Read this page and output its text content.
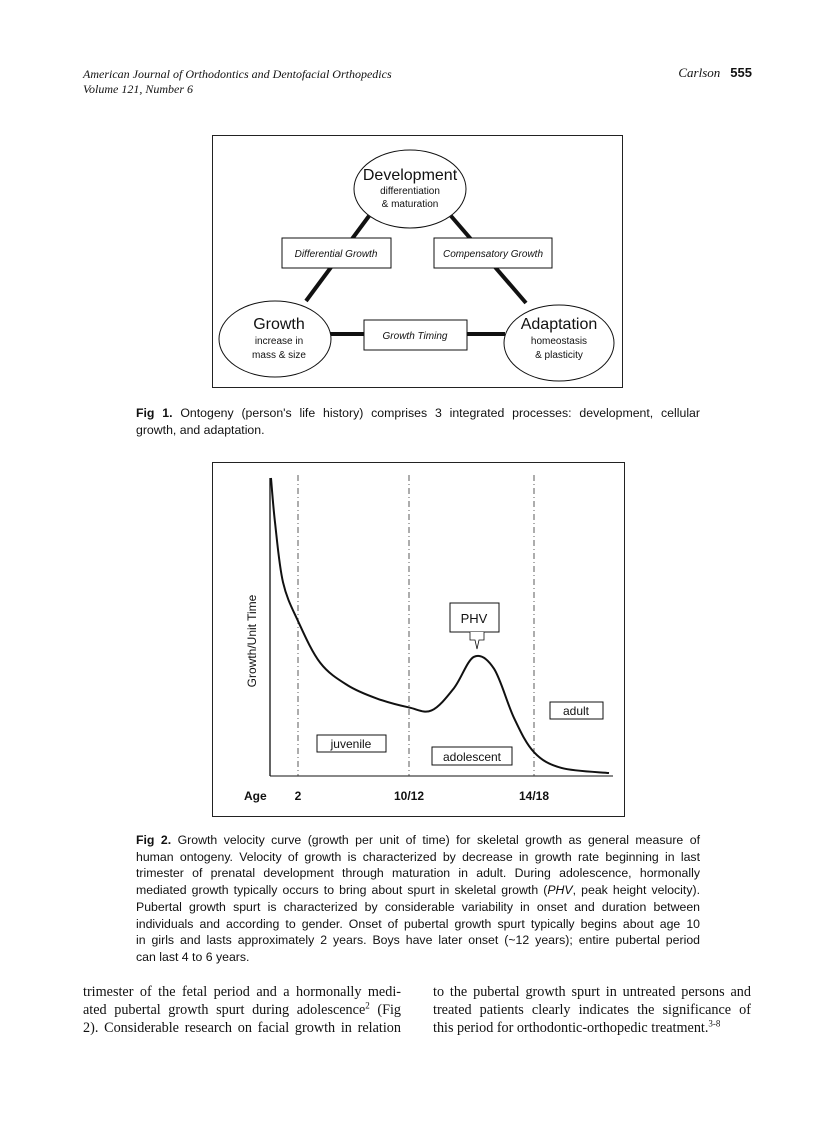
American Journal of Orthodontics and Dentofacial Orthopedics
Volume 121, Number 6
Carlson 555
Development
differentiation
& maturation
Growth
increase in
mass & size
Adaptation
homeostasis
& plasticity
Differential Growth	Compensatory Growth
Growth Timing
Fig 1. Ontogeny (person's life history) comprises 3 integrated processes: development, cellular
growth, and adaptation.
Growth/Unit Time
Age 2	10/12	14/18
PHV
juvenile
adolescent
adult
Fig 2. Growth velocity curve (growth per unit of time) for skeletal growth as general measure of
human ontogeny. Velocity of growth is characterized by decrease in growth rate beginning in last
trimester of prenatal development through maturation in adult. During adolescence, hormonally
mediated growth typically occurs to bring about spurt in skeletal growth (PHV, peak height velocity).
Pubertal growth spurt is characterized by considerable variability in onset and duration between
individuals and according to gender. Onset of pubertal growth spurt typically begins about age 10
in girls and lasts approximately 2 years. Boys have later onset (~12 years); entire pubertal period
can last 4 to 6 years.
trimester of the fetal period and a hormonally medi-
ated pubertal growth spurt during adolescence$^2$ (Fig
2). Considerable research on facial growth in relation
to the pubertal growth spurt in untreated persons and
treated patients clearly indicates the significance of
this period for orthodontic-orthopedic treatment.$^{3-8}$
